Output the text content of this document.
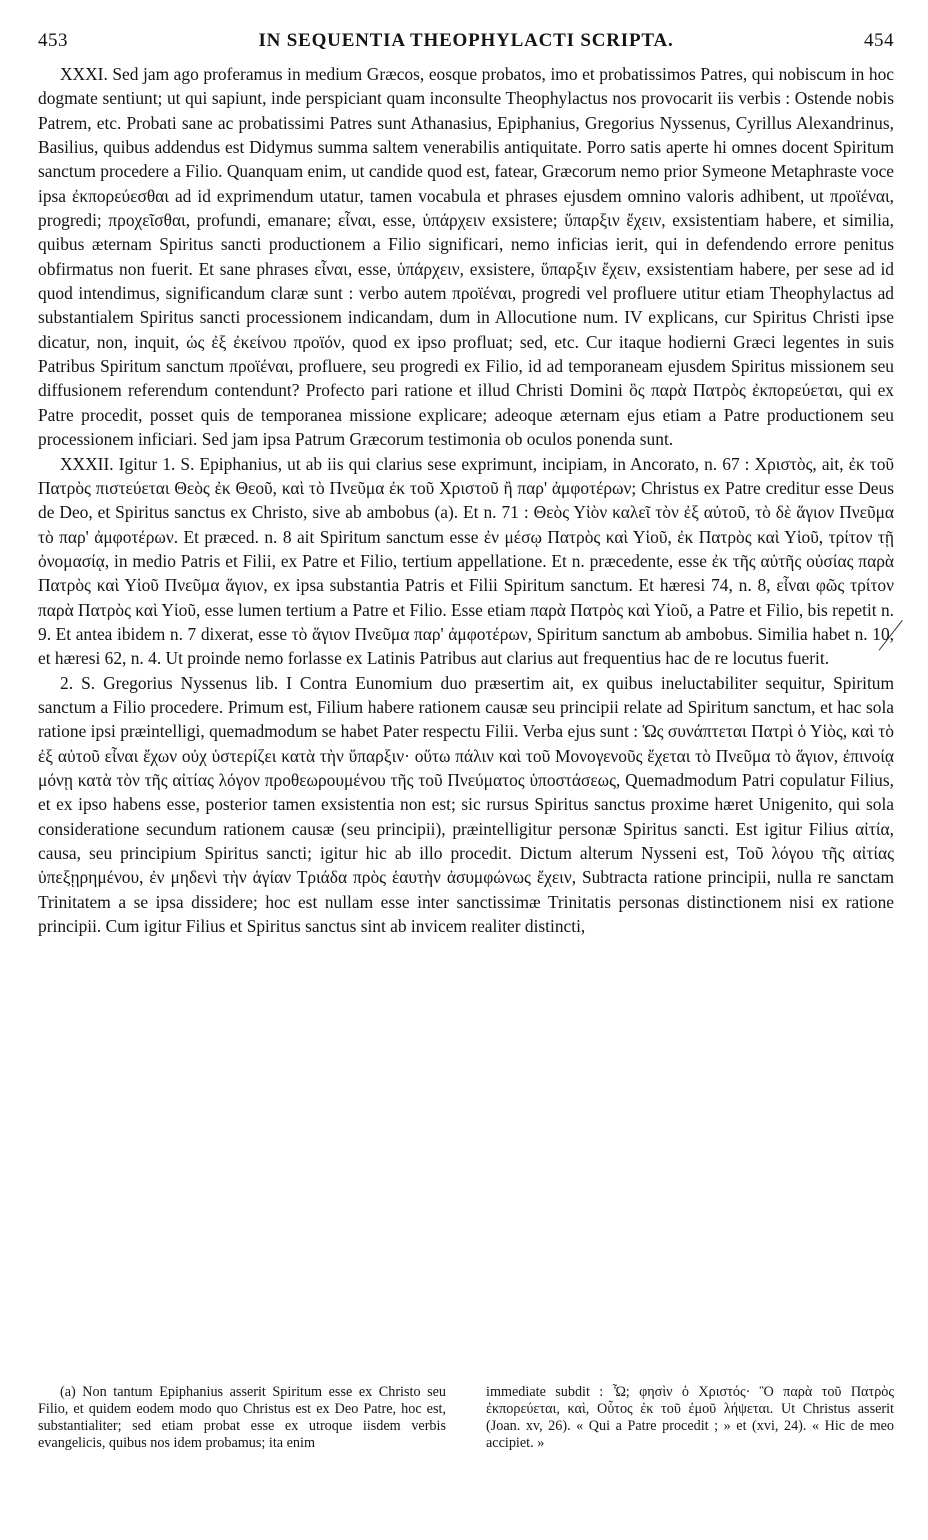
453	IN SEQUENTIA THEOPHYLACTI SCRIPTA.	454

XXXI. Sed jam ago proferamus in medium Græcos, eosque probatos, imo et probatissimos Patres, qui nobiscum in hoc dogmate sentiunt; ut qui sapiunt, inde perspiciant quam inconsulte Theophylactus nos provocarit iis verbis : Ostende nobis Patrem, etc. Probati sane ac probatissimi Patres sunt Athanasius, Epiphanius, Gregorius Nyssenus, Cyrillus Alexandrinus, Basilius, quibus addendus est Didymus summa saltem venerabilis antiquitate. Porro satis aperte hi omnes docent Spiritum sanctum procedere a Filio. Quanquam enim, ut candide quod est, fatear, Græcorum nemo prior Symeone Metaphraste voce ipsa ἐκπορεύεσθαι ad id exprimendum utatur, tamen vocabula et phrases ejusdem omnino valoris adhibent, ut προϊέναι, progredi; προχεῖσθαι, profundi, emanare; εἶναι, esse, ὑπάρχειν exsistere; ὕπαρξιν ἔχειν, exsistentiam habere, et similia, quibus æternam Spiritus sancti productionem a Filio significari, nemo inficias ierit, qui in defendendo errore penitus obfirmatus non fuerit. Et sane phrases εἶναι, esse, ὑπάρχειν, exsistere, ὕπαρξιν ἔχειν, exsistentiam habere, per sese ad id quod intendimus, significandum claræ sunt : verbo autem προϊέναι, progredi vel profluere utitur etiam Theophylactus ad substantialem Spiritus sancti processionem indicandam, dum in Allocutione num. IV explicans, cur Spiritus Christi ipse dicatur, non, inquit, ὡς ἐξ ἐκείνου προϊόν, quod ex ipso profluat; sed, etc. Cur itaque hodierni Græci legentes in suis Patribus Spiritum sanctum προϊέναι, profluere, seu progredi ex Filio, id ad temporaneam ejusdem Spiritus missionem seu diffusionem referendum contendunt? Profecto pari ratione et illud Christi Domini ὃς παρὰ Πατρὸς ἐκπορεύεται, qui ex Patre procedit, posset quis de temporanea missione explicare; adeoque æternam ejus etiam a Patre productionem seu processionem inficiari. Sed jam ipsa Patrum Græcorum testimonia ob oculos ponenda sunt.

XXXII. Igitur 1. S. Epiphanius, ut ab iis qui clarius sese exprimunt, incipiam, in Ancorato, n. 67 : Χριστὸς, ait, ἐκ τοῦ Πατρὸς πιστεύεται Θεὸς ἐκ Θεοῦ, καὶ τὸ Πνεῦμα ἐκ τοῦ Χριστοῦ ἢ παρ' ἀμφοτέρων; Christus ex Patre creditur esse Deus de Deo, et Spiritus sanctus ex Christo, sive ab ambobus (a). Et n. 71 : Θεὸς Υἱὸν καλεῖ τὸν ἐξ αὐτοῦ, τὸ δὲ ἅγιον Πνεῦμα τὸ παρ' ἀμφοτέρων. Et præced. n. 8 ait Spiritum sanctum esse ἐν μέσῳ Πατρὸς καὶ Υἱοῦ, ἐκ Πατρὸς καὶ Υἱοῦ, τρίτον τῇ ὀνομασίᾳ, in medio Patris et Filii, ex Patre et Filio, tertium appellatione. Et n. præcedente, esse ἐκ τῆς αὐτῆς οὐσίας παρὰ Πατρὸς καὶ Υἱοῦ Πνεῦμα ἅγιον, ex ipsa substantia Patris et Filii Spiritum sanctum. Et hæresi 74, n. 8, εἶναι φῶς τρίτον παρὰ Πατρὸς καὶ Υἱοῦ, esse lumen tertium a Patre et Filio. Esse etiam παρὰ Πατρὸς καὶ Υἱοῦ, a Patre et Filio, bis repetit n. 9. Et antea ibidem n. 7 dixerat, esse τὸ ἅγιον Πνεῦμα παρ' ἀμφοτέρων, Spiritum sanctum ab ambobus. Similia habet n. 10, et hæresi 62, n. 4. Ut proinde nemo forlasse ex Latinis Patribus aut clarius aut frequentius hac de re locutus fuerit.

2. S. Gregorius Nyssenus lib. I Contra Eunomium duo præsertim ait, ex quibus ineluctabiliter sequitur, Spiritum sanctum a Filio procedere. Primum est, Filium habere rationem causæ seu principii relate ad Spiritum sanctum, et hac sola ratione ipsi præintelligi, quemadmodum se habet Pater respectu Filii. Verba ejus sunt : Ὡς συνάπτεται Πατρὶ ὁ Υἱὸς, καὶ τὸ ἐξ αὐτοῦ εἶναι ἔχων οὐχ ὑστερίζει κατὰ τὴν ὕπαρξιν· οὕτω πάλιν καὶ τοῦ Μονογενοῦς ἔχεται τὸ Πνεῦμα τὸ ἅγιον, ἐπινοίᾳ μόνῃ κατὰ τὸν τῆς αἰτίας λόγον προθεωρουμένου τῆς τοῦ Πνεύματος ὑποστάσεως, Quemadmodum Patri copulatur Filius, et ex ipso habens esse, posterior tamen exsistentia non est; sic rursus Spiritus sanctus proxime hæret Unigenito, qui sola consideratione secundum rationem causæ (seu principii), præintelligitur personæ Spiritus sancti. Est igitur Filius αἰτία, causa, seu principium Spiritus sancti; igitur hic ab illo procedit. Dictum alterum Nysseni est, Τοῦ λόγου τῆς αἰτίας ὑπεξῃρημένου, ἐν μηδενὶ τὴν ἁγίαν Τριάδα πρὸς ἑαυτὴν ἀσυμφώνως ἔχειν, Subtracta ratione principii, nulla re sanctam Trinitatem a se ipsa dissidere; hoc est nullam esse inter sanctissimæ Trinitatis personas distinctionem nisi ex ratione principii. Cum igitur Filius et Spiritus sanctus sint ab invicem realiter distincti,

(a) Non tantum Epiphanius asserit Spiritum esse ex Christo seu Filio, et quidem eodem modo quo Christus est ex Deo Patre, hoc est, substantialiter; sed etiam probat esse ex utroque iisdem verbis evangelicis, quibus nos idem probamus; ita enim
immediate subdit : Ὦ; φησὶν ὁ Χριστός· Ὃ παρὰ τοῦ Πατρὸς ἐκπορεύεται, καὶ, Οὗτος ἐκ τοῦ ἐμοῦ λήψεται. Ut Christus asserit (Joan. xv, 26). « Qui a Patre procedit ; » et (xvi, 24). « Hic de meo accipiet. »
